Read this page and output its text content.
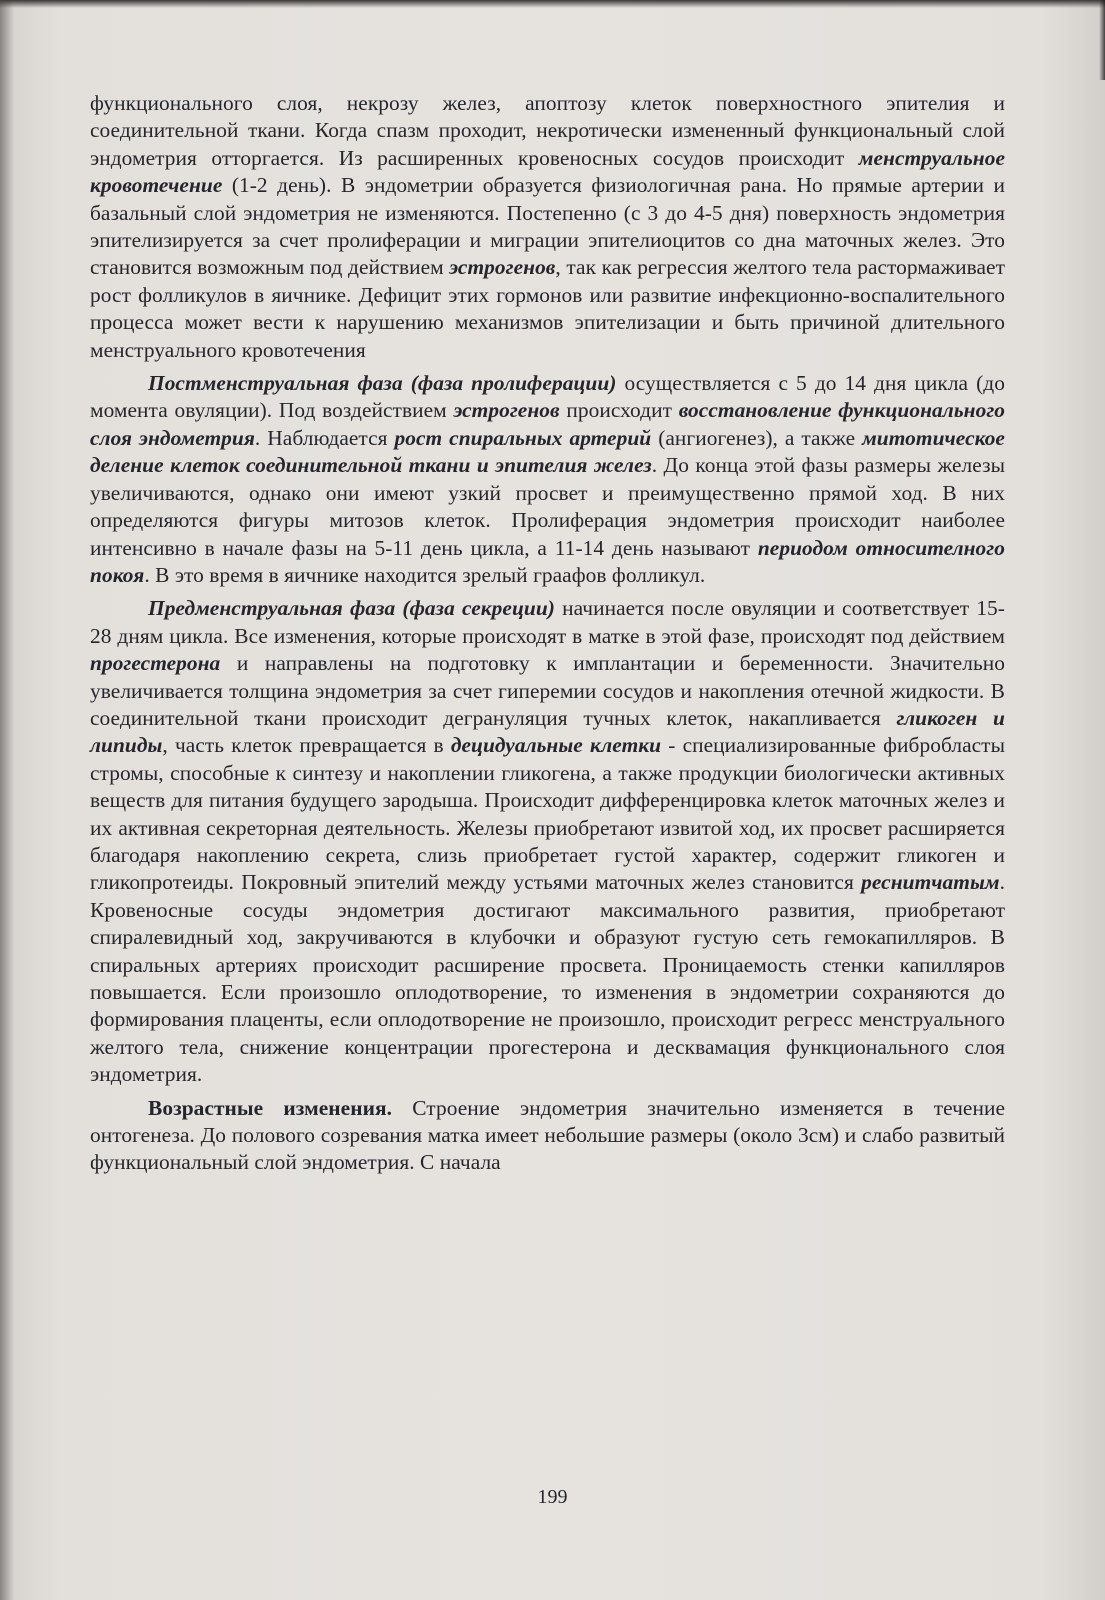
функционального слоя, некрозу желез, апоптозу клеток поверхностного эпителия и соединительной ткани. Когда спазм проходит, некротически измененный функциональный слой эндометрия отторгается. Из расширенных кровеносных сосудов происходит менструальное кровотечение (1-2 день). В эндометрии образуется физиологичная рана. Но прямые артерии и базальный слой эндометрия не изменяются. Постепенно (с 3 до 4-5 дня) поверхность эндометрия эпителизируется за счет пролиферации и миграции эпителиоцитов со дна маточных желез. Это становится возможным под действием эстрогенов, так как регрессия желтого тела растормаживает рост фолликулов в яичнике. Дефицит этих гормонов или развитие инфекционно-воспалительного процесса может вести к нарушению механизмов эпителизации и быть причиной длительного менструального кровотечения

Постменструальная фаза (фаза пролиферации) осуществляется с 5 до 14 дня цикла (до момента овуляции). Под воздействием эстрогенов происходит восстановление функционального слоя эндометрия. Наблюдается рост спиральных артерий (ангиогенез), а также митотическое деление клеток соединительной ткани и эпителия желез. До конца этой фазы размеры железы увеличиваются, однако они имеют узкий просвет и преимущественно прямой ход. В них определяются фигуры митозов клеток. Пролиферация эндометрия происходит наиболее интенсивно в начале фазы на 5-11 день цикла, а 11-14 день называют периодом относителного покоя. В это время в яичнике находится зрелый граафов фолликул.

Предменструальная фаза (фаза секреции) начинается после овуляции и соответствует 15-28 дням цикла. Все изменения, которые происходят в матке в этой фазе, происходят под действием прогестерона и направлены на подготовку к имплантации и беременности. Значительно увеличивается толщина эндометрия за счет гиперемии сосудов и накопления отечной жидкости. В соединительной ткани происходит дегрануляция тучных клеток, накапливается гликоген и липиды, часть клеток превращается в децидуальные клетки - специализированные фибробласты стромы, способные к синтезу и накоплении гликогена, а также продукции биологически активных веществ для питания будущего зародыша. Происходит дифференцировка клеток маточных желез и их активная секреторная деятельность. Железы приобретают извитой ход, их просвет расширяется благодаря накоплению секрета, слизь приобретает густой характер, содержит гликоген и гликопротеиды. Покровный эпителий между устьями маточных желез становится реснитчатым. Кровеносные сосуды эндометрия достигают максимального развития, приобретают спиралевидный ход, закручиваются в клубочки и образуют густую сеть гемокапилляров. В спиральных артериях происходит расширение просвета. Проницаемость стенки капилляров повышается. Если произошло оплодотворение, то изменения в эндометрии сохраняются до формирования плаценты, если оплодотворение не произошло, происходит регресс менструального желтого тела, снижение концентрации прогестерона и десквамация функционального слоя эндометрия.

Возрастные изменения. Строение эндометрия значительно изменяется в течение онтогенеза. До полового созревания матка имеет небольшие размеры (около 3см) и слабо развитый функциональный слой эндометрия. С начала

199
